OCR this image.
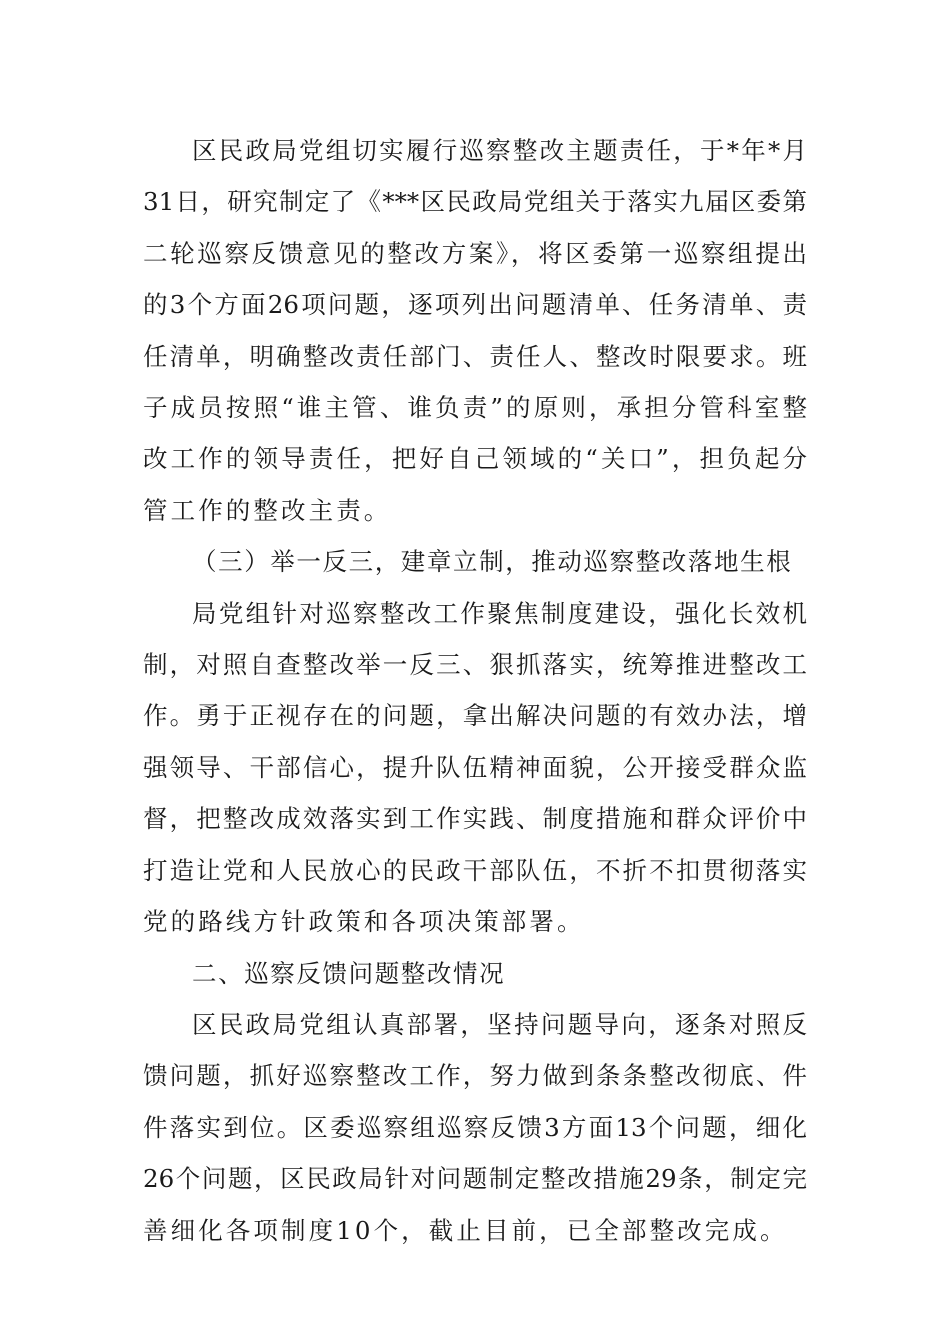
区民政局党组切实履行巡察整改主题责任，于*年*月
31日，研究制定了《***区民政局党组关于落实九届区委第
二轮巡察反馈意见的整改方案》，将区委第一巡察组提出
的3个方面26项问题，逐项列出问题清单、任务清单、责
任清单，明确整改责任部门、责任人、整改时限要求。班
子成员按照“谁主管、谁负责”的原则，承担分管科室整
改工作的领导责任，把好自己领域的“关口”，担负起分
管工作的整改主责。
（三）举一反三，建章立制，推动巡察整改落地生根
局党组针对巡察整改工作聚焦制度建设，强化长效机
制，对照自查整改举一反三、狠抓落实，统筹推进整改工
作。勇于正视存在的问题，拿出解决问题的有效办法，增
强领导、干部信心，提升队伍精神面貌，公开接受群众监
督，把整改成效落实到工作实践、制度措施和群众评价中
打造让党和人民放心的民政干部队伍，不折不扣贯彻落实
党的路线方针政策和各项决策部署。
二、巡察反馈问题整改情况
区民政局党组认真部署，坚持问题导向，逐条对照反
馈问题，抓好巡察整改工作，努力做到条条整改彻底、件
件落实到位。区委巡察组巡察反馈3方面13个问题，细化
26个问题，区民政局针对问题制定整改措施29条，制定完
善细化各项制度10个，截止目前，已全部整改完成。
